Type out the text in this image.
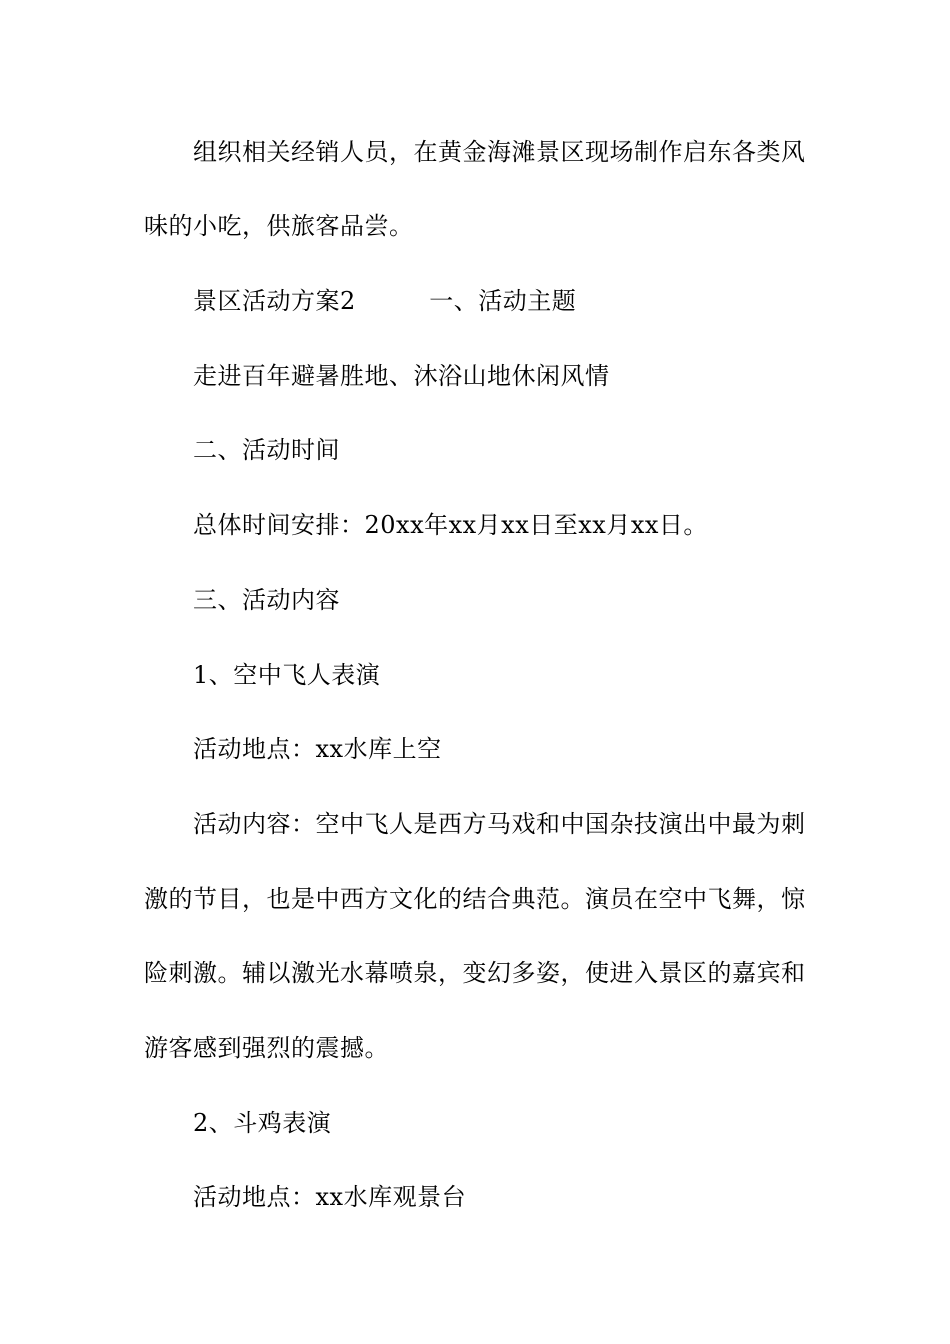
组织相关经销人员，在黄金海滩景区现场制作启东各类风
味的小吃，供旅客品尝。
景区活动方案2　　　一、活动主题
走进百年避暑胜地、沐浴山地休闲风情
二、活动时间
总体时间安排：20xx年xx月xx日至xx月xx日。
三、活动内容
1、空中飞人表演
活动地点：xx水库上空
活动内容：空中飞人是西方马戏和中国杂技演出中最为刺
激的节目，也是中西方文化的结合典范。演员在空中飞舞，惊
险刺激。辅以激光水幕喷泉，变幻多姿，使进入景区的嘉宾和
游客感到强烈的震撼。
2、斗鸡表演
活动地点：xx水库观景台
